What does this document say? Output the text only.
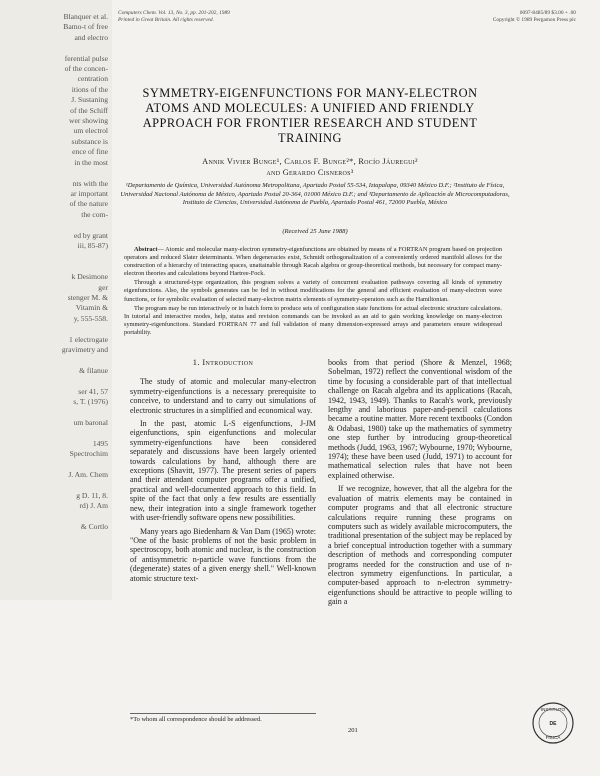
Blanquer et al.
Bamo-t of free
and electro

ferential pulse
of the concen-
centration
itions of the
J. Sustaning
of the Schiff
wer showing
um electrol
substance is
ence of fine
in the most

nts with the
ar important
of the nature
the com-

ed by grant
iii, 85-87)

k Desimone
ger
stenger M. &
Vitamin &
y, 555-558.

1 electrogate
gravimetry and

& filanue

ser 41, 57
s, T. (1976)

um baronal

1495
Spectrochim

J. Am. Chem

g D. 11, 8.
rd) J. Am

& Cortlo
Computers Chem. Vol. 13, No. 3, pp. 201-202, 1989
Printed in Great Britain. All rights reserved.
0097-8485/89 $3.00 + .00
Copyright © 1989 Pergamon Press plc
SYMMETRY-EIGENFUNCTIONS FOR MANY-ELECTRON ATOMS AND MOLECULES: A UNIFIED AND FRIENDLY APPROACH FOR FRONTIER RESEARCH AND STUDENT TRAINING
Annik Vivier Bunge¹, Carlos F. Bunge²*, Rocío Jáuregui²
and Gerardo Cisneros³
¹Departamento de Química, Universidad Autónoma Metropolitana, Apartado Postal 55-534, Iztapalapa, 09340 México D.F.; ²Instituto de Física, Universidad Nacional Autónoma de México, Apartado Postal 20-364, 01000 México D.F.; and ³Departamento de Aplicación de Microcomputadoras, Instituto de Ciencias, Universidad Autónoma de Puebla, Apartado Postal 461, 72000 Puebla, México
(Received 25 June 1988)

Abstract— Atomic and molecular many-electron symmetry-eigenfunctions are obtained by means of a FORTRAN program based on projection operators and reduced Slater determinants. When degeneracies exist, Schmidt orthogonalization of a conveniently ordered manifold allows for the construction of a hierarchy of interacting spaces, unattainable through Racah algebra or group-theoretical methods, but necessary for compact many-electron theories and calculations beyond Hartree-Fock.

Through a structured-type organization, this program solves a variety of concurrent evaluation pathways covering all kinds of symmetry eigenfunctions. Also, the symbols generates can be fed in without modifications for the general and efficient evaluation of many-electron wave functions, or for symbolic evaluation of selected many-electron matrix elements of symmetry-operators such as the Hamiltonian.

The program may be run interactively or in batch form to produce sets of configuration state functions for actual electronic structure calculations. In tutorial and interactive modes, help, status and revision commands can be invoked as an aid to gain working knowledge on many-electron symmetry-eigenfunctions. Standard FORTRAN 77 and full validation of many dimension-expressed arrays and parameters ensure widespread portability.

1. Introduction

The study of atomic and molecular many-electron symmetry-eigenfunctions is a necessary prerequisite to conceive, to understand and to carry out simulations of electronic structures in a simplified and economical way.

In the past, atomic L-S eigenfunctions, J-JM eigenfunctions, spin eigenfunctions and molecular symmetry-eigenfunctions have been considered separately and discussions have been largely oriented towards calculations by hand, although there are exceptions (Shavitt, 1977). The present series of papers and their attendant computer programs offer a unified, practical and well-documented approach to this field. In spite of the fact that only a few results are essentially new, their integration into a single framework together with user-friendly software opens new possibilities.

Many years ago Biedenharn & Van Dam (1965) wrote: "One of the basic problems of not the basic problem in spectroscopy, both atomic and nuclear, is the construction of antisymmetric n-particle wave functions from the (degenerate) states of a given energy shell." Well-known atomic structure text-

books from that period (Shore & Menzel, 1968; Sobelman, 1972) reflect the conventional wisdom of the time by focusing a considerable part of that intellectual challenge on Racah algebra and its applications (Racah, 1942, 1943, 1949). Thanks to Racah's work, previously lengthy and laborious paper-and-pencil calculations became a routine matter. More recent textbooks (Condon & Odabasi, 1980) take up the mathematics of symmetry one step further by introducing group-theoretical methods (Judd, 1963, 1967; Wybourne, 1970; Wybourne, 1974); these have been used (Judd, 1971) to account for mathematical selection rules that have not been explained otherwise.

If we recognize, however, that all the algebra for the evaluation of matrix elements may be contained in computer programs and that all electronic structure calculations require running these programs on computers such as widely available microcomputers, the traditional presentation of the subject may be replaced by a brief conceptual introduction together with a summary description of methods and corresponding computer programs needed for the construction and use of n-electron symmetry eigenfunctions. In particular, a computer-based approach to n-electron symmetry-eigenfunctions should be attractive to people willing to gain a

*To whom all correspondence should be addressed.
201
INSTITUTO
DE
FÍSICA
